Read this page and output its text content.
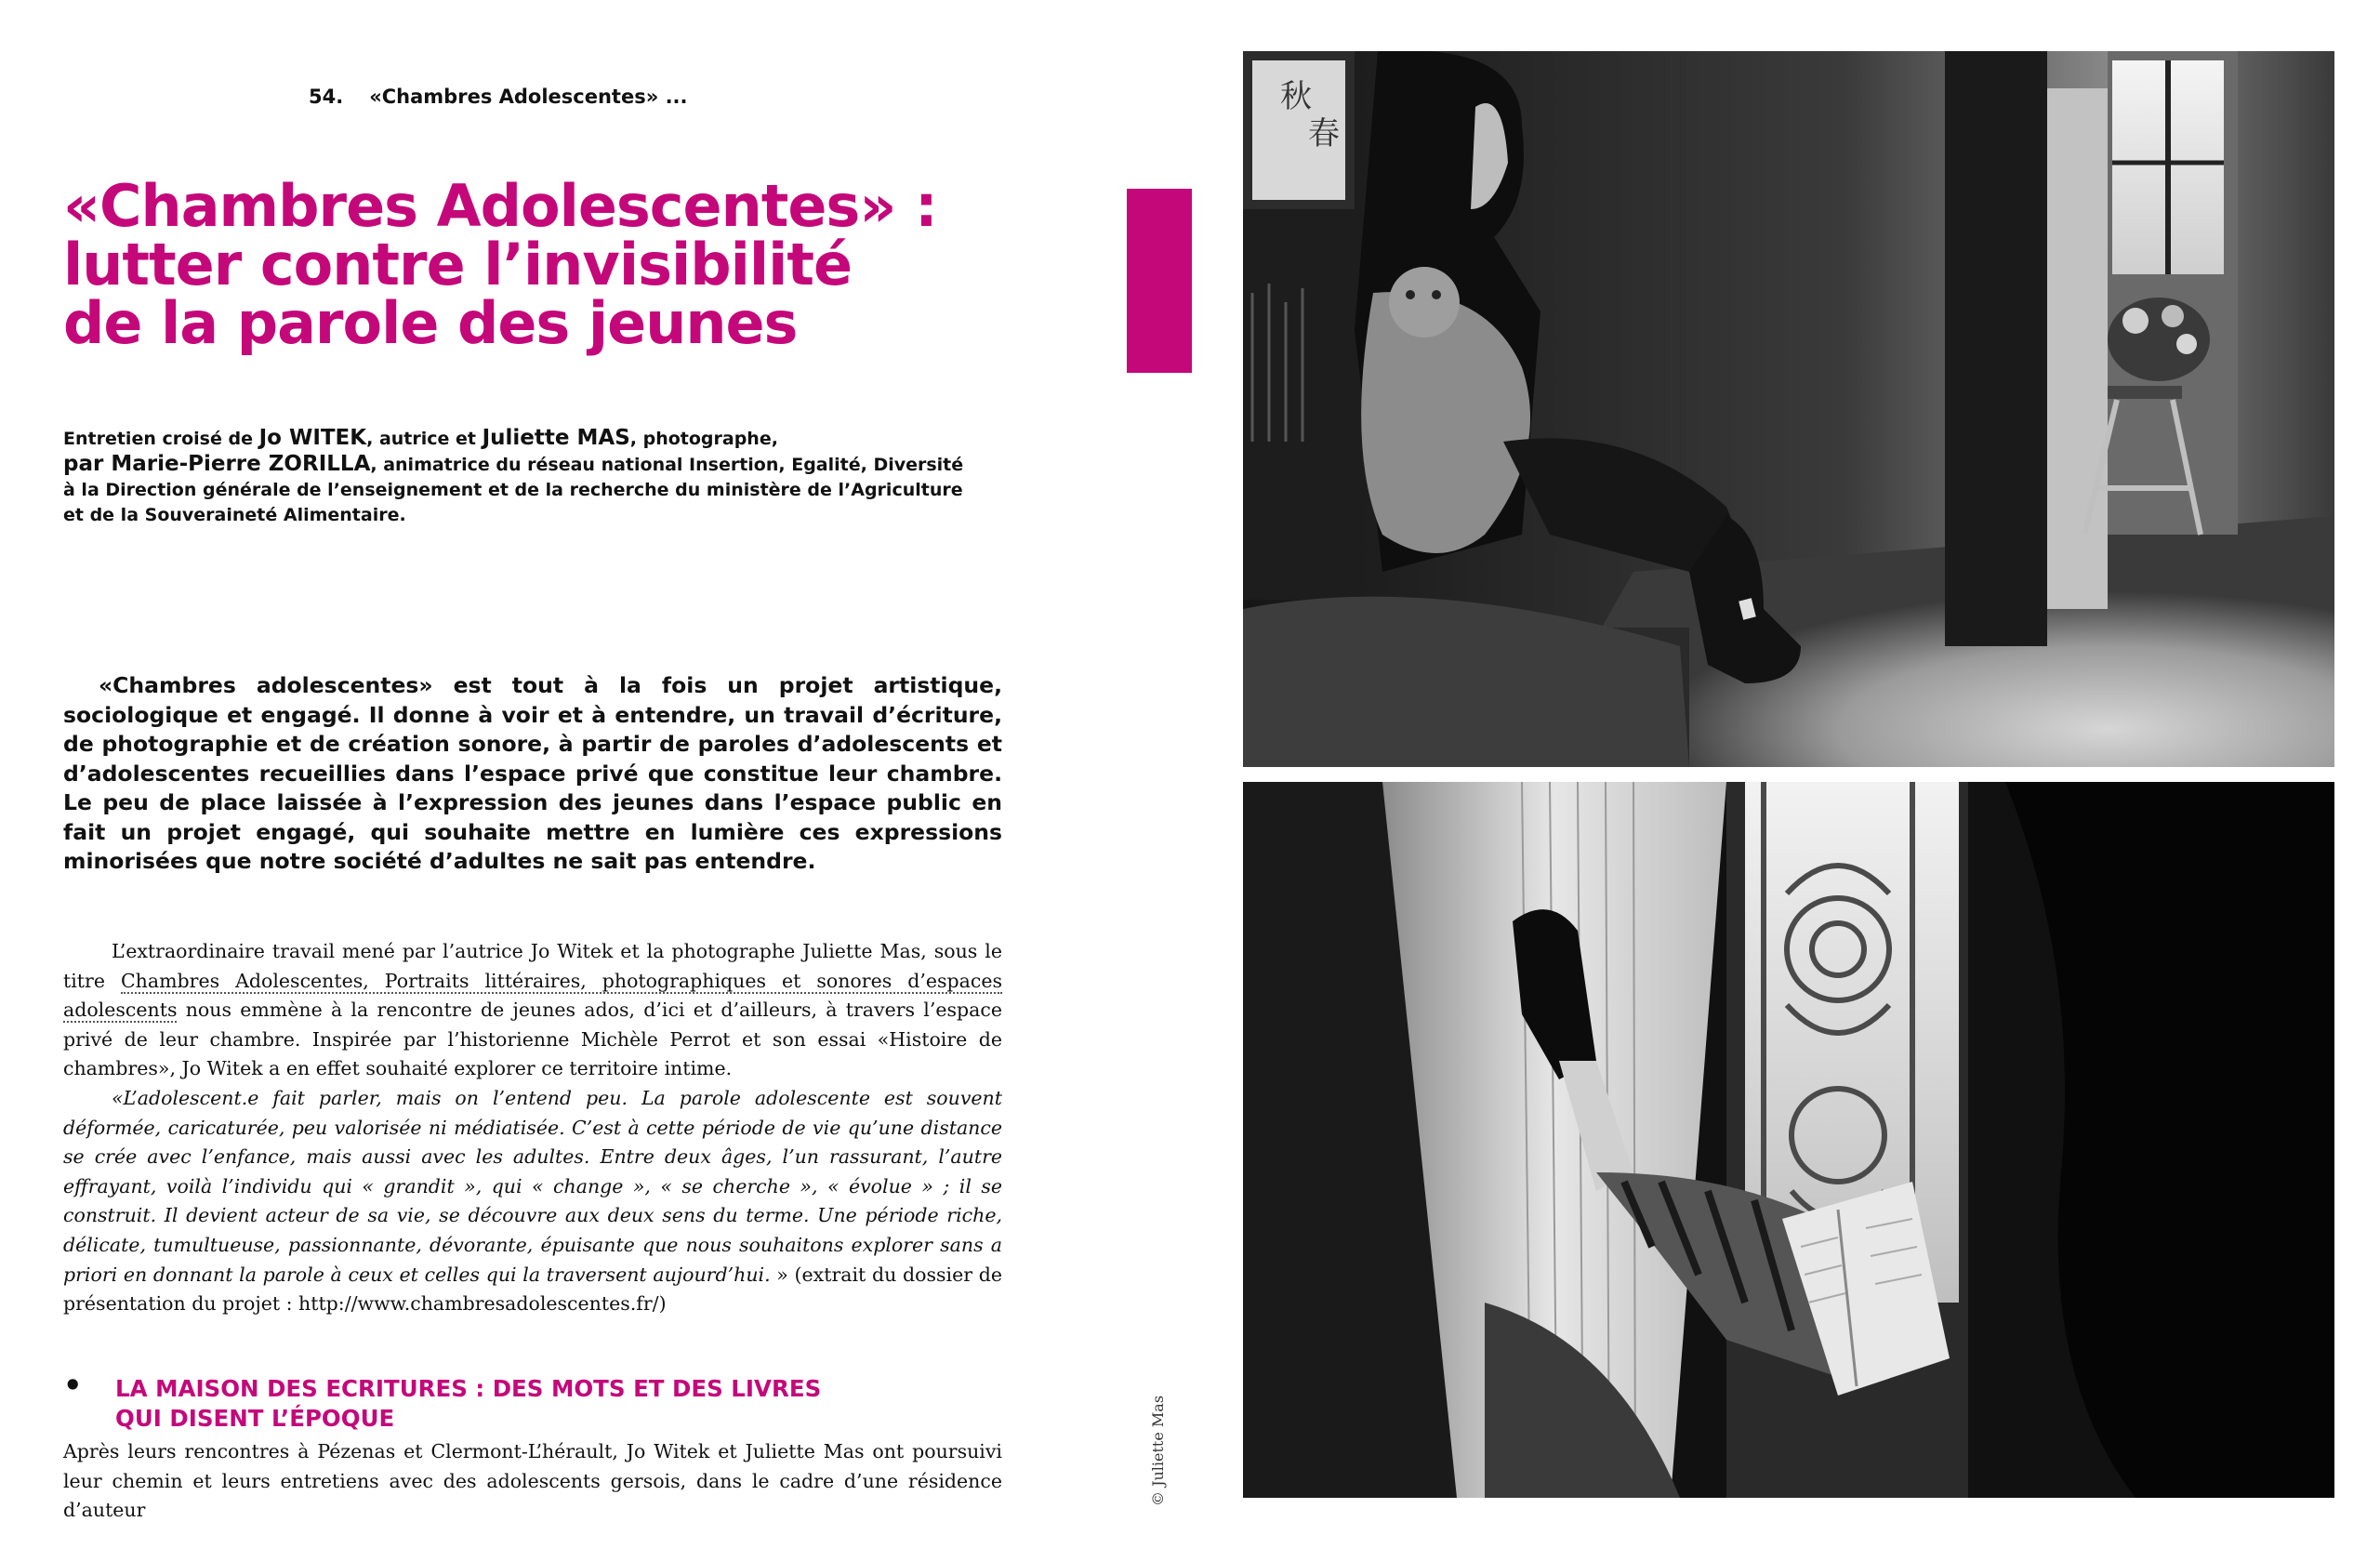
54. «Chambres Adolescentes» ...
«Chambres Adolescentes» :
lutter contre l’invisibilité
de la parole des jeunes
Entretien croisé de Jo WITEK, autrice et Juliette MAS, photographe,
par Marie-Pierre ZORILLA, animatrice du réseau national Insertion, Egalité, Diversité
à la Direction générale de l’enseignement et de la recherche du ministère de l’Agriculture
et de la Souveraineté Alimentaire.

«Chambres adolescentes» est tout à la fois un projet artistique, sociologique et engagé. Il donne à voir et à entendre, un travail d’écriture, de photographie et de création sonore, à partir de paroles d’adolescents et d’adolescentes recueillies dans l’espace privé que constitue leur chambre. Le peu de place laissée à l’expression des jeunes dans l’espace public en fait un projet engagé, qui souhaite mettre en lumière ces expressions minorisées que notre société d’adultes ne sait pas entendre.

L’extraordinaire travail mené par l’autrice Jo Witek et la photographe Juliette Mas, sous le titre Chambres Adolescentes, Portraits littéraires, photographiques et sonores d’espaces adolescents nous emmène à la rencontre de jeunes ados, d’ici et d’ailleurs, à travers l’espace privé de leur chambre. Inspirée par l’historienne Michèle Perrot et son essai «Histoire de chambres», Jo Witek a en effet souhaité explorer ce territoire intime.

«L’adolescent.e fait parler, mais on l’entend peu. La parole adolescente est souvent déformée, caricaturée, peu valorisée ni médiatisée. C’est à cette période de vie qu’une distance se crée avec l’enfance, mais aussi avec les adultes. Entre deux âges, l’un rassurant, l’autre effrayant, voilà l’individu qui « grandit », qui « change », « se cherche », « évolue » ; il se construit. Il devient acteur de sa vie, se découvre aux deux sens du terme. Une période riche, délicate, tumultueuse, passionnante, dévorante, épuisante que nous souhaitons explorer sans a priori en donnant la parole à ceux et celles qui la traversent aujourd’hui. » (extrait du dossier de présentation du projet : http://www.chambresadolescentes.fr/)

•	LA MAISON DES ECRITURES : DES MOTS ET DES LIVRES
QUI DISENT L’ÉPOQUE

Après leurs rencontres à Pézenas et Clermont-L’hérault, Jo Witek et Juliette Mas ont poursuivi leur chemin et leurs entretiens avec des adolescents gersois, dans le cadre d’une résidence d’auteur

© Juliette Mas
秋
春
